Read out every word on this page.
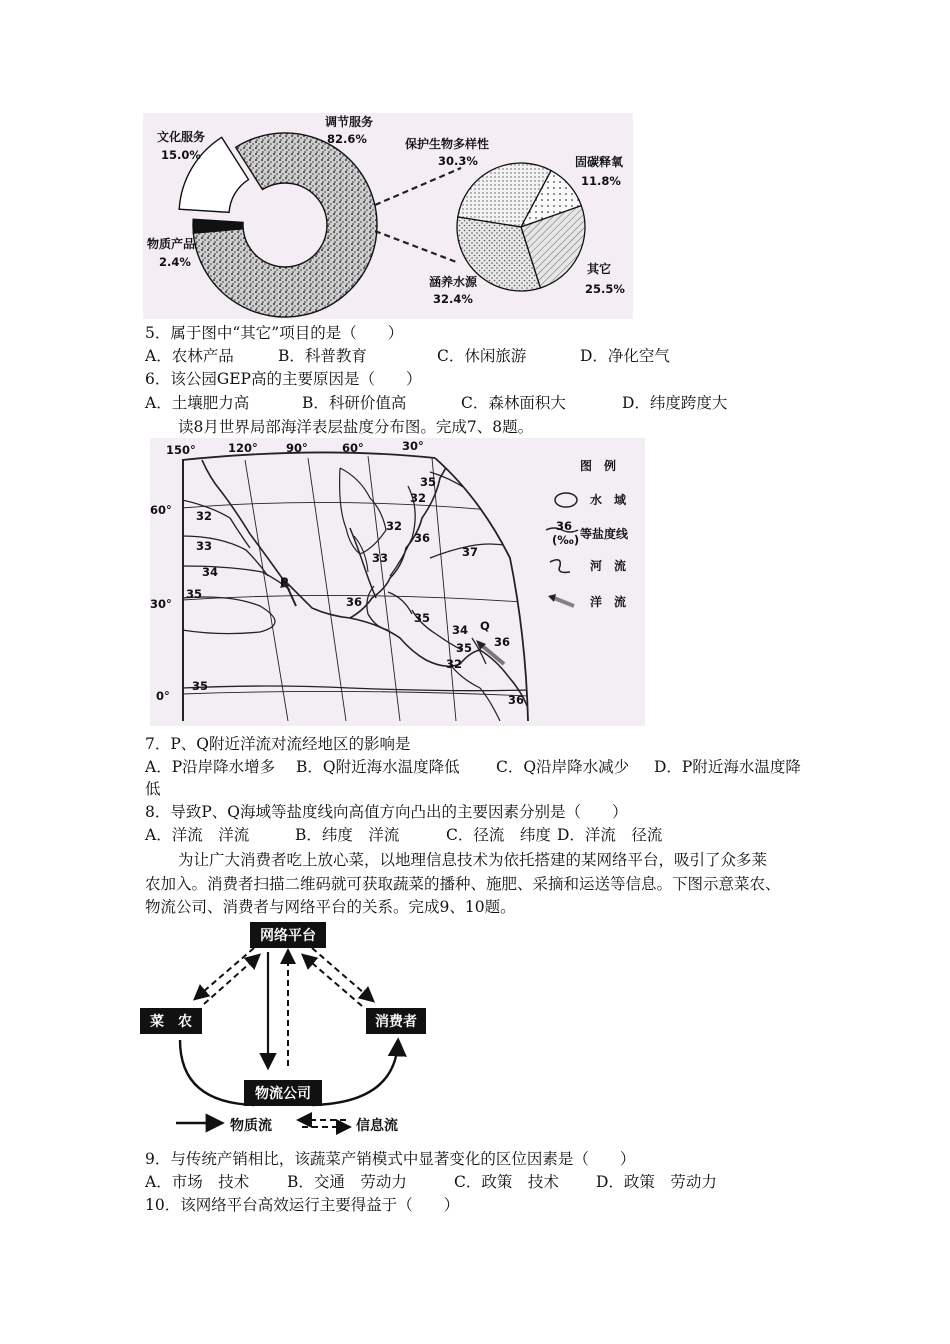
文化服务
15.0%
调节服务
82.6%
物质产品
2.4%
保护生物多样性
30.3%	固碳释氧
11.8%
其它
25.5%
涵养水源
32.4%
5．属于图中“其它”项目的是（　　）
A．农林产品	B．科普教育	C．休闲旅游	D．净化空气
6．该公园GEP高的主要原因是（　　）
A．土壤肥力高	B．科研价值高	C．森林面积大	D．纬度跨度大
读8月世界局部海洋表层盐度分布图。完成7、8题。
150°	120° 90°	60°	30°
60°
30°
0°
32
33
34
35
35
32
35
32
33
36
37
36
35
34 Q
36
32
35
36
P
图　例
水　域
36
(‰) 等盐度线
河　流
洋　流
7．P、Q附近洋流对流经地区的影响是
A．P沿岸降水增多 B．Q附近海水温度降低 C．Q沿岸降水减少 D．P附近海水温度降
低
8．导致P、Q海域等盐度线向高值方向凸出的主要因素分别是（　　）
A．洋流　洋流	B．纬度　洋流	C．径流　纬度 D．洋流　径流
为让广大消费者吃上放心菜，以地理信息技术为依托搭建的某网络平台，吸引了众多莱
农加入。消费者扫描二维码就可获取蔬菜的播种、施肥、采摘和运送等信息。下图示意菜农、
物流公司、消费者与网络平台的关系。完成9、10题。
网络平台
菜　农	消费者
物流公司
物质流	信息流
9．与传统产销相比，该蔬菜产销模式中显著变化的区位因素是（　　）
A．市场　技术 B．交通　劳动力	C．政策　技术 D．政策　劳动力
10．该网络平台高效运行主要得益于（　　）
